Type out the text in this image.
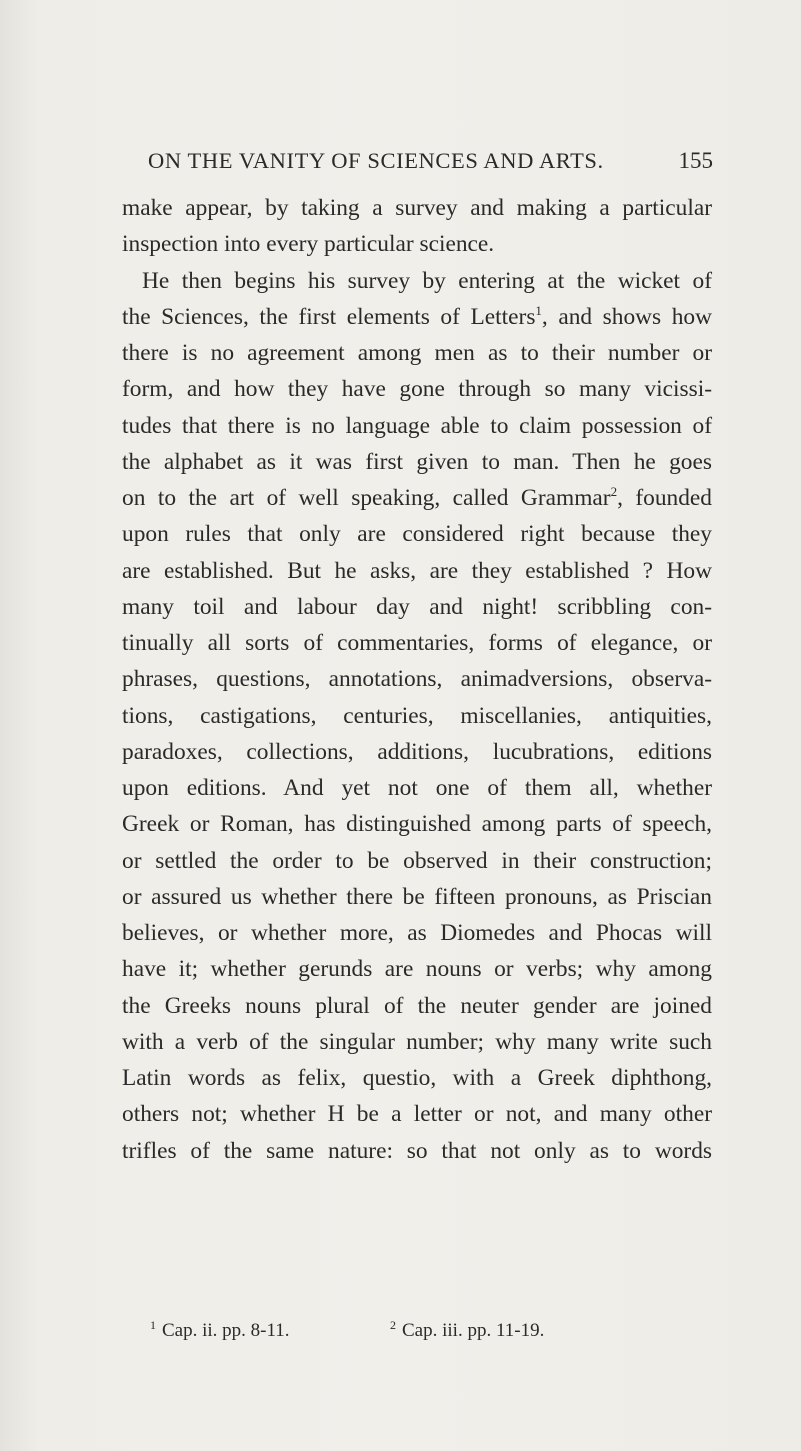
ON THE VANITY OF SCIENCES AND ARTS.	155
make appear, by taking a survey and making a particular
inspection into every particular science.
He then begins his survey by entering at the wicket of
the Sciences, the first elements of Letters$^1$, and shows how
there is no agreement among men as to their number or
form, and how they have gone through so many vicissi-
tudes that there is no language able to claim possession of
the alphabet as it was first given to man. Then he goes
on to the art of well speaking, called Grammar$^2$, founded
upon rules that only are considered right because they
are established. But he asks, are they established ? How
many toil and labour day and night! scribbling con-
tinually all sorts of commentaries, forms of elegance, or
phrases, questions, annotations, animadversions, observa-
tions, castigations, centuries, miscellanies, antiquities,
paradoxes, collections, additions, lucubrations, editions
upon editions. And yet not one of them all, whether
Greek or Roman, has distinguished among parts of speech,
or settled the order to be observed in their construction;
or assured us whether there be fifteen pronouns, as Priscian
believes, or whether more, as Diomedes and Phocas will
have it; whether gerunds are nouns or verbs; why among
the Greeks nouns plural of the neuter gender are joined
with a verb of the singular number; why many write such
Latin words as felix, questio, with a Greek diphthong,
others not; whether H be a letter or not, and many other
trifles of the same nature: so that not only as to words
$^1$ Cap. ii. pp. 8-11.	$^2$ Cap. iii. pp. 11-19.
